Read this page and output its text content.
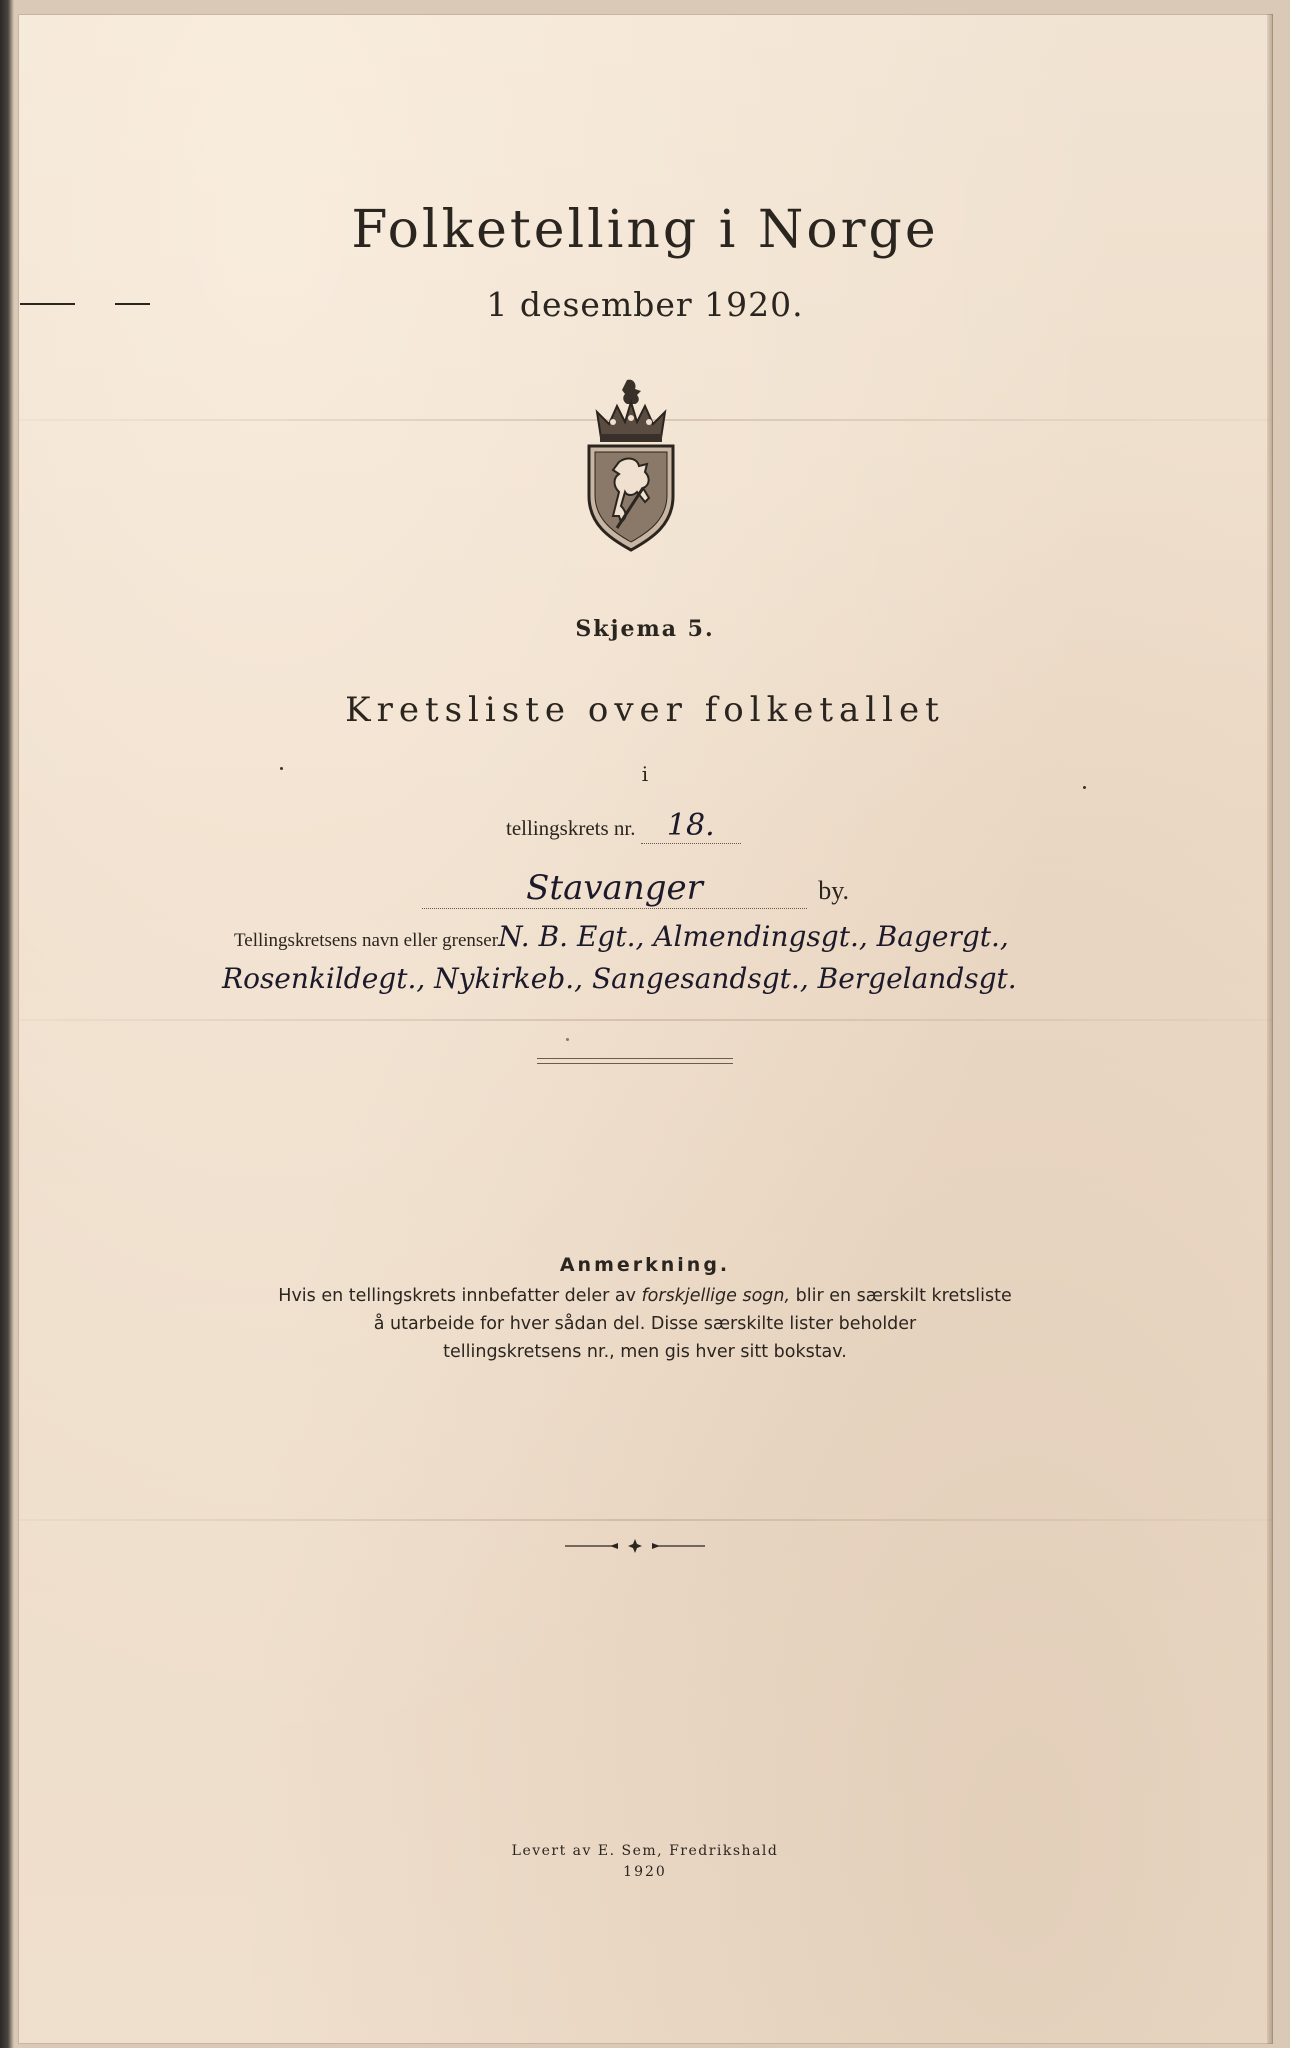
Folketelling i Norge
1 desember 1920.
Skjema 5.
Kretsliste over folketallet
i
tellingskrets nr. 18.
Stavanger	by.
Tellingskretsens navn eller grenserN. B. Egt., Almendingsgt., Bagergt.,
Rosenkildegt., Nykirkeb., Sangesandsgt., Bergelandsgt.
Anmerkning.
Hvis en tellingskrets innbefatter deler av forskjellige sogn, blir en særskilt kretsliste
å utarbeide for hver sådan del. Disse særskilte lister beholder
tellingskretsens nr., men gis hver sitt bokstav.
Levert av E. Sem, Fredrikshald
1920
